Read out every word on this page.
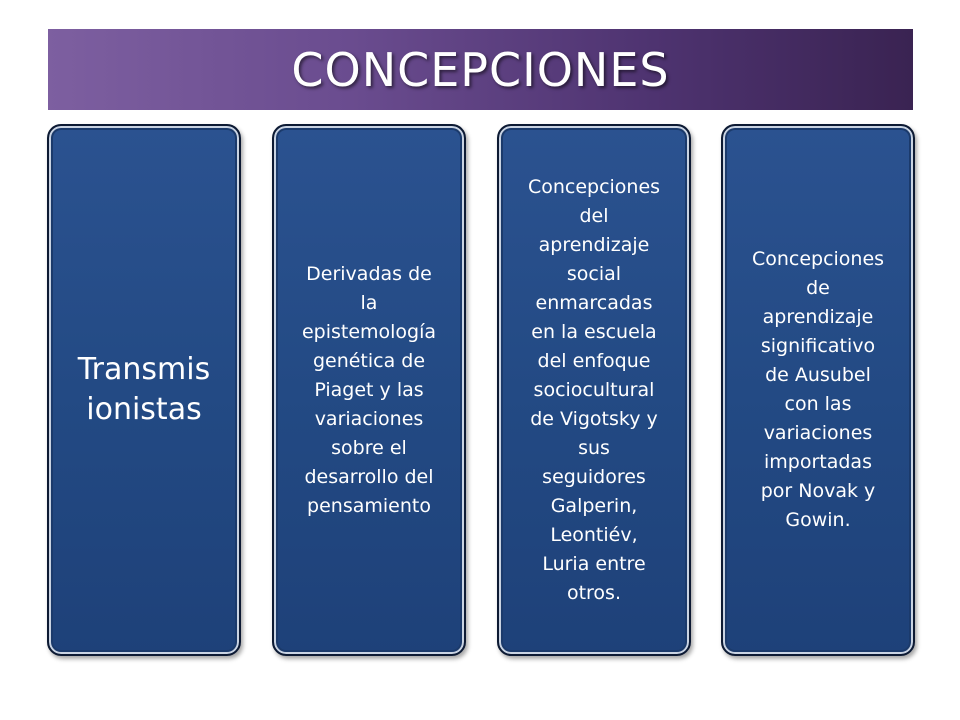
CONCEPCIONES
Transmis
ionistas
Derivadas de
la
epistemología
genética de
Piaget y las
variaciones
sobre el
desarrollo del
pensamiento
Concepciones
del
aprendizaje
social
enmarcadas
en la escuela
del enfoque
sociocultural
de Vigotsky y
sus
seguidores
Galperin,
Leontiév,
Luria entre
otros.
Concepciones
de
aprendizaje
significativo
de Ausubel
con las
variaciones
importadas
por Novak y
Gowin.
